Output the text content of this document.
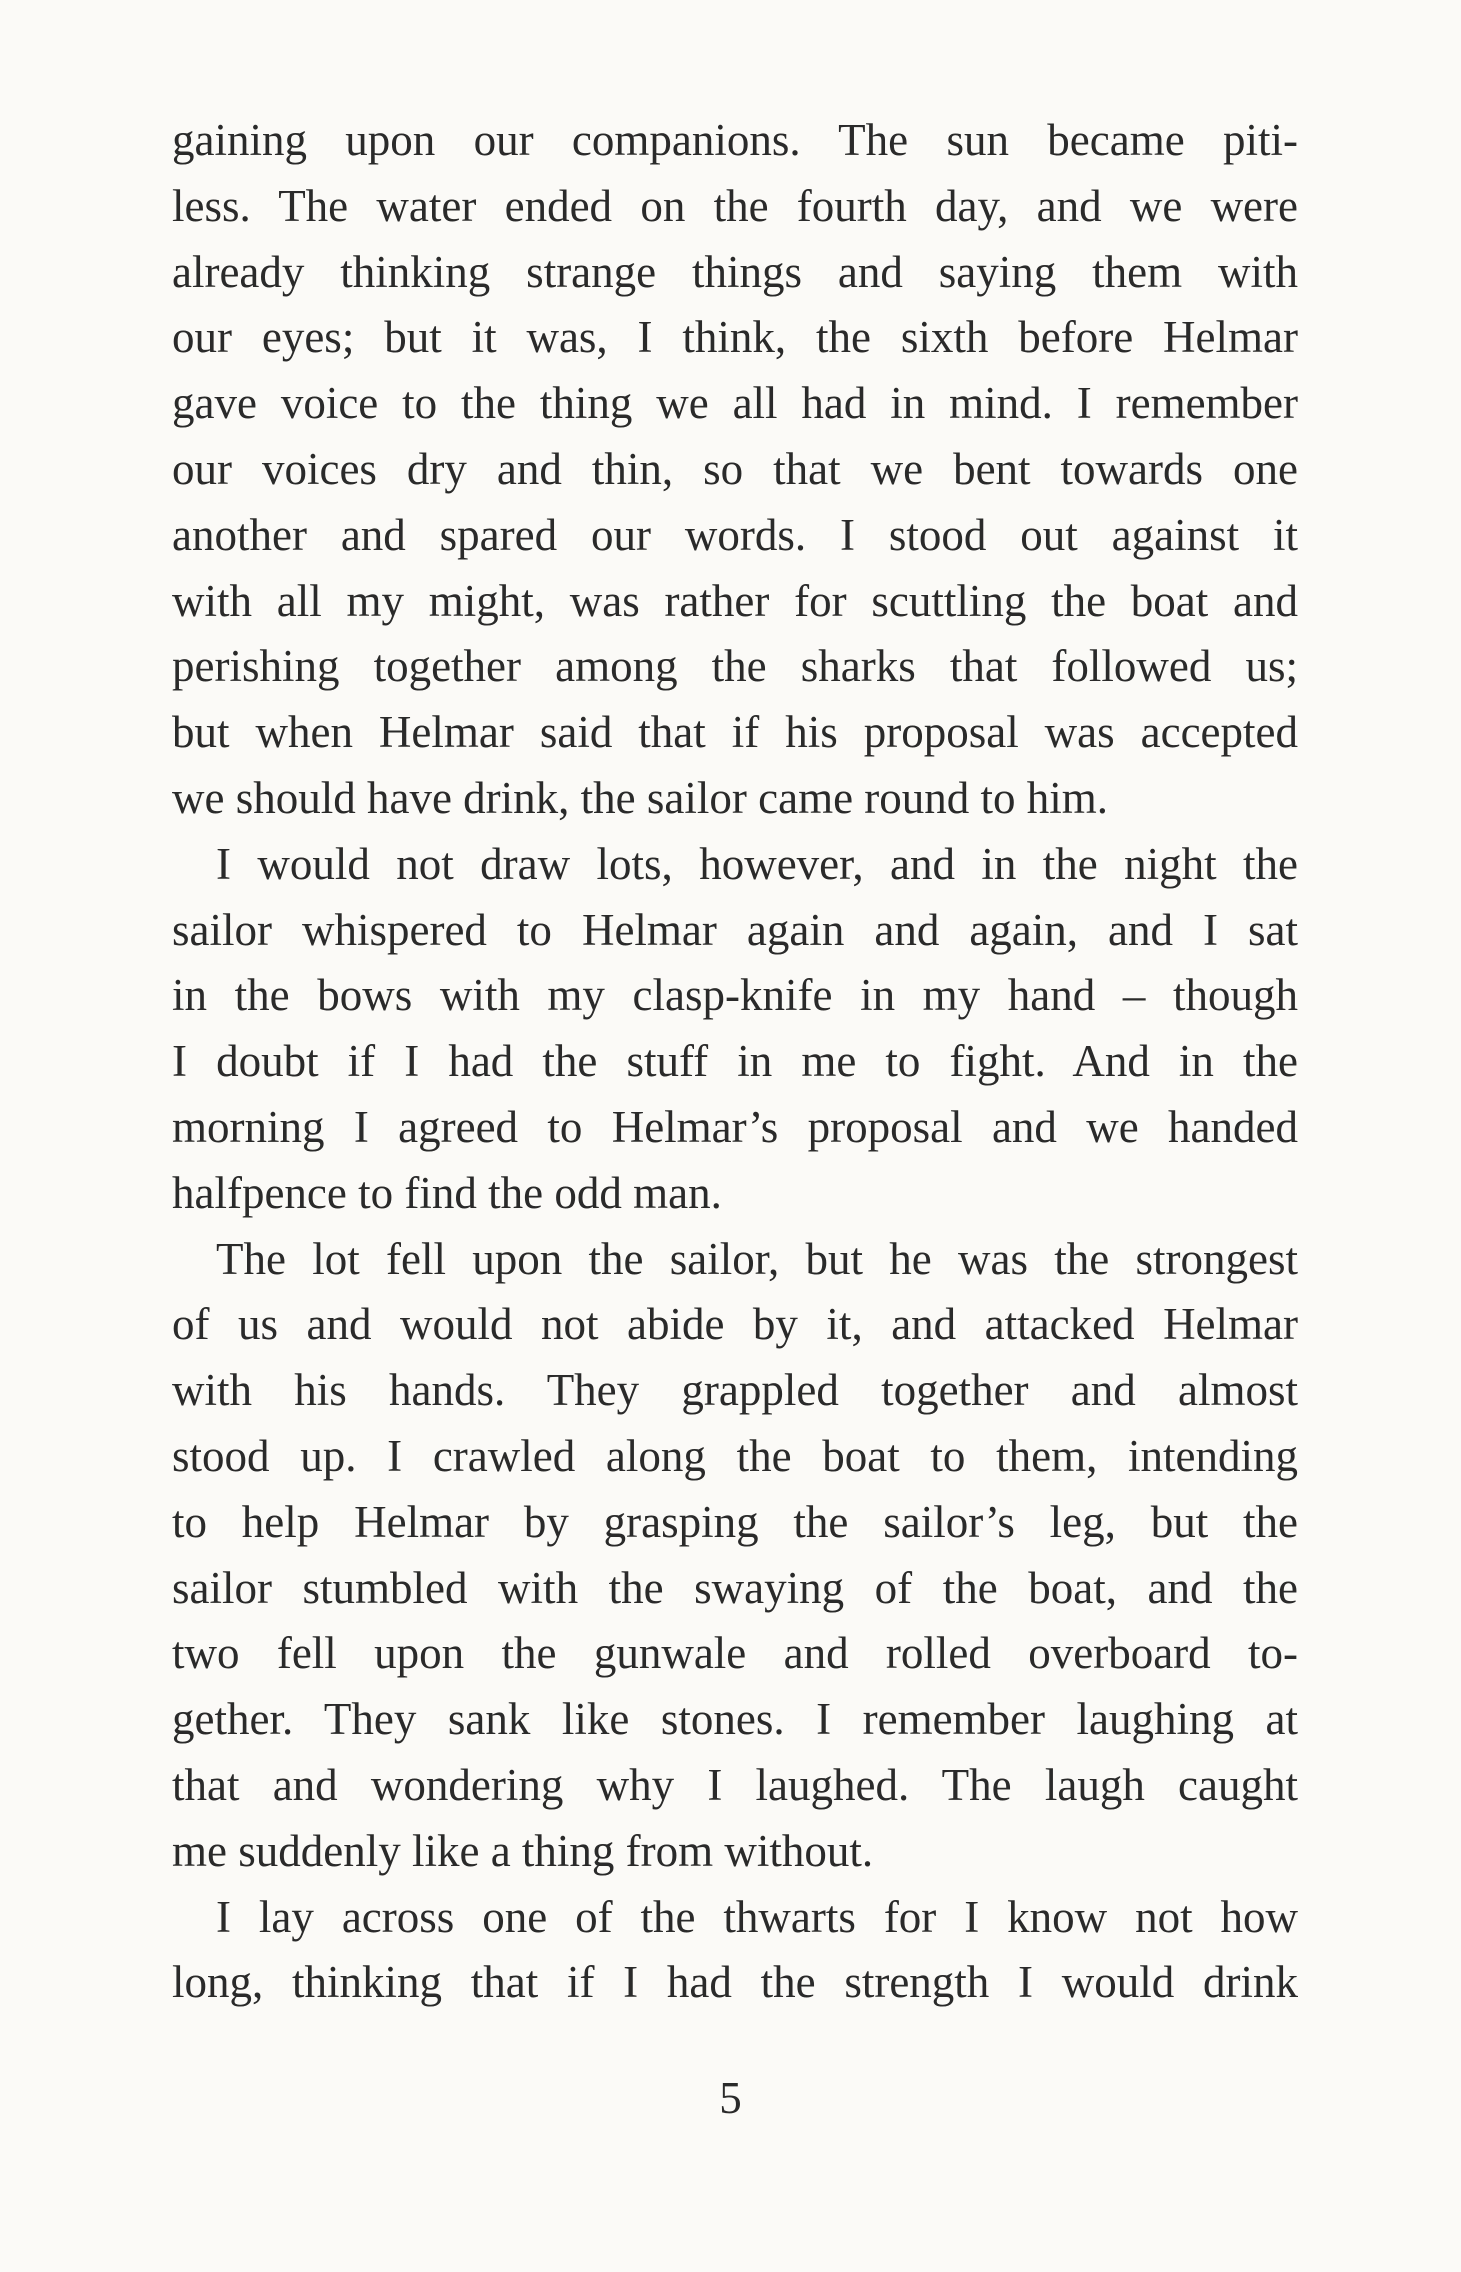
gaining upon our companions. The sun became piti-
less. The water ended on the fourth day, and we were
already thinking strange things and saying them with
our eyes; but it was, I think, the sixth before Helmar
gave voice to the thing we all had in mind. I remember
our voices dry and thin, so that we bent towards one
another and spared our words. I stood out against it
with all my might, was rather for scuttling the boat and
perishing together among the sharks that followed us;
but when Helmar said that if his proposal was accepted
we should have drink, the sailor came round to him.
I would not draw lots, however, and in the night the
sailor whispered to Helmar again and again, and I sat
in the bows with my clasp-knife in my hand – though
I doubt if I had the stuff in me to fight. And in the
morning I agreed to Helmar’s proposal and we handed
halfpence to find the odd man.
The lot fell upon the sailor, but he was the strongest
of us and would not abide by it, and attacked Helmar
with his hands. They grappled together and almost
stood up. I crawled along the boat to them, intending
to help Helmar by grasping the sailor’s leg, but the
sailor stumbled with the swaying of the boat, and the
two fell upon the gunwale and rolled overboard to-
gether. They sank like stones. I remember laughing at
that and wondering why I laughed. The laugh caught
me suddenly like a thing from without.
I lay across one of the thwarts for I know not how
long, thinking that if I had the strength I would drink
5
